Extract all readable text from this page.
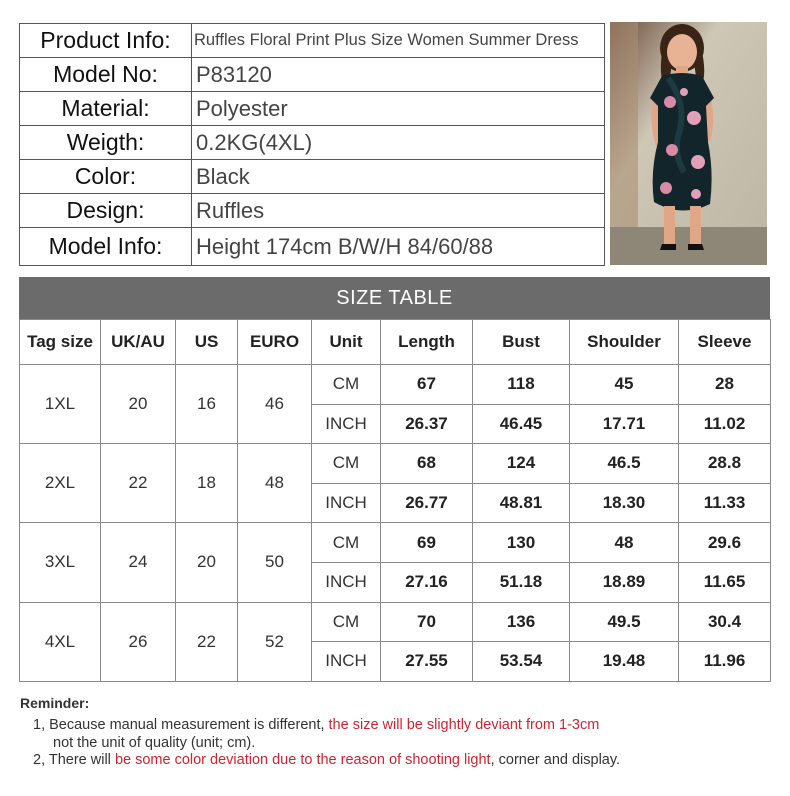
Product Info:	Ruffles Floral Print Plus Size Women Summer Dress
Model No:	P83120
Material:	Polyester
Weigth:	0.2KG(4XL)
Color:	Black
Design:	Ruffles
Model Info:	Height 174cm B/W/H 84/60/88
SIZE TABLE
Tag size	UK/AU	US	EURO	Unit	Length	Bust	Shoulder	Sleeve
1XL	20	16	46	CM	67	118	45	28
				INCH	26.37	46.45	17.71	11.02
2XL	22	18	48	CM	68	124	46.5	28.8
				INCH	26.77	48.81	18.30	11.33
3XL	24	20	50	CM	69	130	48	29.6
				INCH	27.16	51.18	18.89	11.65
4XL	26	22	52	CM	70	136	49.5	30.4
				INCH	27.55	53.54	19.48	11.96
Reminder:
1, Because manual measurement is different, the size will be slightly deviant from 1-3cm
not the unit of quality (unit; cm).
2, There will be some color deviation due to the reason of shooting light, corner and display.
